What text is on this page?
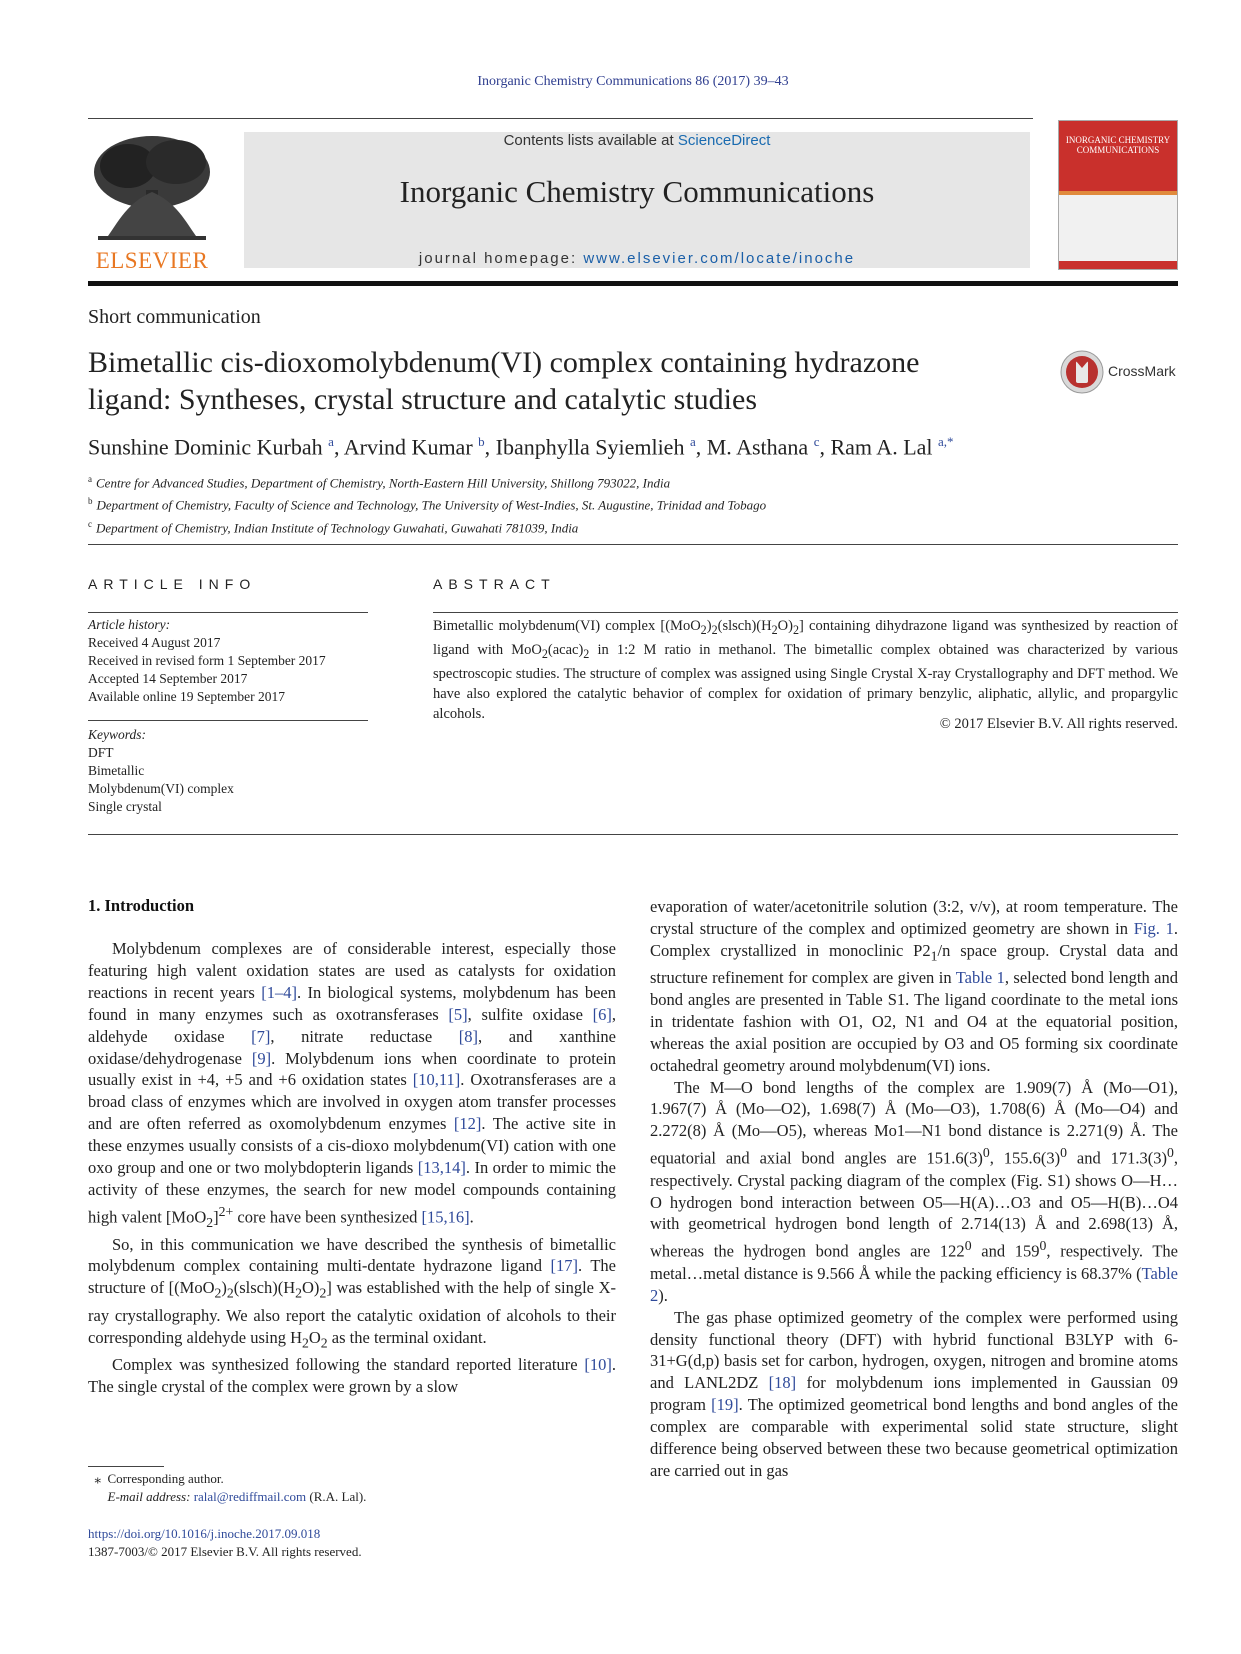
Inorganic Chemistry Communications 86 (2017) 39–43
ELSEVIER
Contents lists available at ScienceDirect
Inorganic Chemistry Communications
journal homepage: www.elsevier.com/locate/inoche
INORGANIC CHEMISTRY COMMUNICATIONS
Short communication
Bimetallic cis-dioxomolybdenum(VI) complex containing hydrazone
ligand: Syntheses, crystal structure and catalytic studies
CrossMark
Sunshine Dominic Kurbah $^a$, Arvind Kumar $^b$, Ibanphylla Syiemlieh $^a$, M. Asthana $^c$, Ram A. Lal $^{a,*}$
$^a$ Centre for Advanced Studies, Department of Chemistry, North-Eastern Hill University, Shillong 793022, India
$^b$ Department of Chemistry, Faculty of Science and Technology, The University of West-Indies, St. Augustine, Trinidad and Tobago
$^c$ Department of Chemistry, Indian Institute of Technology Guwahati, Guwahati 781039, India
ARTICLE INFO	ABSTRACT
Article history:
Received 4 August 2017
Received in revised form 1 September 2017
Accepted 14 September 2017
Available online 19 September 2017
Keywords:
DFT
Bimetallic
Molybdenum(VI) complex
Single crystal
Bimetallic molybdenum(VI) complex $[(MoO_2)_2(slsch)(H_2O)_2]$ containing dihydrazone ligand was synthesized by reaction of ligand with $MoO_2(acac)_2$ in 1:2 M ratio in methanol. The bimetallic complex obtained was characterized by various spectroscopic studies. The structure of complex was assigned using Single Crystal X-ray Crystallography and DFT method. We have also explored the catalytic behavior of complex for oxidation of primary benzylic, aliphatic, allylic, and propargylic alcohols.
© 2017 Elsevier B.V. All rights reserved.
1. Introduction

Molybdenum complexes are of considerable interest, especially those featuring high valent oxidation states are used as catalysts for oxidation reactions in recent years [1–4]. In biological systems, molybdenum has been found in many enzymes such as oxotransferases [5], sulfite oxidase [6], aldehyde oxidase [7], nitrate reductase [8], and xanthine oxidase/dehydrogenase [9]. Molybdenum ions when coordinate to protein usually exist in +4, +5 and +6 oxidation states [10,11]. Oxotransferases are a broad class of enzymes which are involved in oxygen atom transfer processes and are often referred as oxomolybdenum enzymes [12]. The active site in these enzymes usually consists of a cis-dioxo molybdenum(VI) cation with one oxo group and one or two molybdopterin ligands [13,14]. In order to mimic the activity of these enzymes, the search for new model compounds containing high valent $[MoO_2]^{2+}$ core have been synthesized [15,16].

So, in this communication we have described the synthesis of bimetallic molybdenum complex containing multi-dentate hydrazone ligand [17]. The structure of $[(MoO_2)_2(slsch)(H_2O)_2]$ was established with the help of single X-ray crystallography. We also report the catalytic oxidation of alcohols to their corresponding aldehyde using $H_2O_2$ as the terminal oxidant.

Complex was synthesized following the standard reported literature [10]. The single crystal of the complex were grown by a slow

evaporation of water/acetonitrile solution (3:2, v/v), at room temperature. The crystal structure of the complex and optimized geometry are shown in Fig. 1. Complex crystallized in monoclinic $P2_1/n$ space group. Crystal data and structure refinement for complex are given in Table 1, selected bond length and bond angles are presented in Table S1. The ligand coordinate to the metal ions in tridentate fashion with O1, O2, N1 and O4 at the equatorial position, whereas the axial position are occupied by O3 and O5 forming six coordinate octahedral geometry around molybdenum(VI) ions.

The M—O bond lengths of the complex are 1.909(7) Å (Mo—O1), 1.967(7) Å (Mo—O2), 1.698(7) Å (Mo—O3), 1.708(6) Å (Mo—O4) and 2.272(8) Å (Mo—O5), whereas Mo1—N1 bond distance is 2.271(9) Å. The equatorial and axial bond angles are $151.6(3)^0$, $155.6(3)^0$ and $171.3(3)^0$, respectively. Crystal packing diagram of the complex (Fig. S1) shows O—H…O hydrogen bond interaction between O5—H(A)…O3 and O5—H(B)…O4 with geometrical hydrogen bond length of 2.714(13) Å and 2.698(13) Å, whereas the hydrogen bond angles are $122^0$ and $159^0$, respectively. The metal…metal distance is 9.566 Å while the packing efficiency is 68.37% (Table 2).

The gas phase optimized geometry of the complex were performed using density functional theory (DFT) with hybrid functional B3LYP with 6-31+G(d,p) basis set for carbon, hydrogen, oxygen, nitrogen and bromine atoms and LANL2DZ [18] for molybdenum ions implemented in Gaussian 09 program [19]. The optimized geometrical bond lengths and bond angles of the complex are comparable with experimental solid state structure, slight difference being observed between these two because geometrical optimization are carried out in gas

⁎ Corresponding author.
E-mail address: ralal@rediffmail.com (R.A. Lal).
https://doi.org/10.1016/j.inoche.2017.09.018
1387-7003/© 2017 Elsevier B.V. All rights reserved.
